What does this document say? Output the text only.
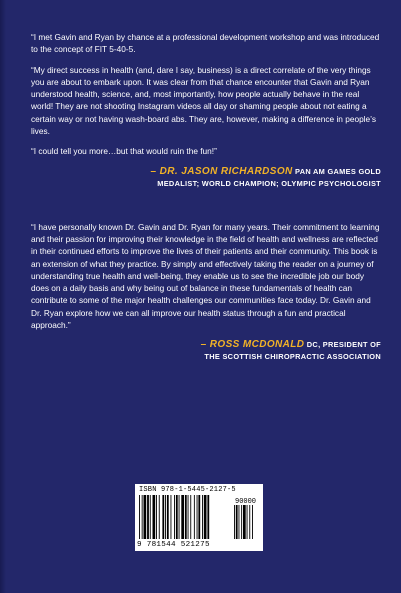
“I met Gavin and Ryan by chance at a professional development workshop and was introduced to the concept of FIT 5-40-5.

“My direct success in health (and, dare I say, business) is a direct correlate of the very things you are about to embark upon. It was clear from that chance encounter that Gavin and Ryan understood health, science, and, most importantly, how people actually behave in the real world! They are not shooting Instagram videos all day or shaming people about not eating a certain way or not having wash-board abs. They are, however, making a difference in people’s lives.

“I could tell you more…but that would ruin the fun!”

– DR. JASON RICHARDSON PAN AM GAMES GOLD
MEDALIST; WORLD CHAMPION; OLYMPIC PSYCHOLOGIST

“I have personally known Dr. Gavin and Dr. Ryan for many years. Their commitment to learning and their passion for improving their knowledge in the field of health and wellness are reflected in their continued efforts to improve the lives of their patients and their community. This book is an extension of what they practice. By simply and effectively taking the reader on a journey of understanding true health and well-being, they enable us to see the incredible job our body does on a daily basis and why being out of balance in these fundamentals of health can contribute to some of the major health challenges our communities face today. Dr. Gavin and Dr. Ryan explore how we can all improve our health status through a fun and practical approach.”

– ROSS MCDONALD DC, PRESIDENT OF
THE SCOTTISH CHIROPRACTIC ASSOCIATION
ISBN 978-1-5445-2127-5
90000
9 781544 521275
